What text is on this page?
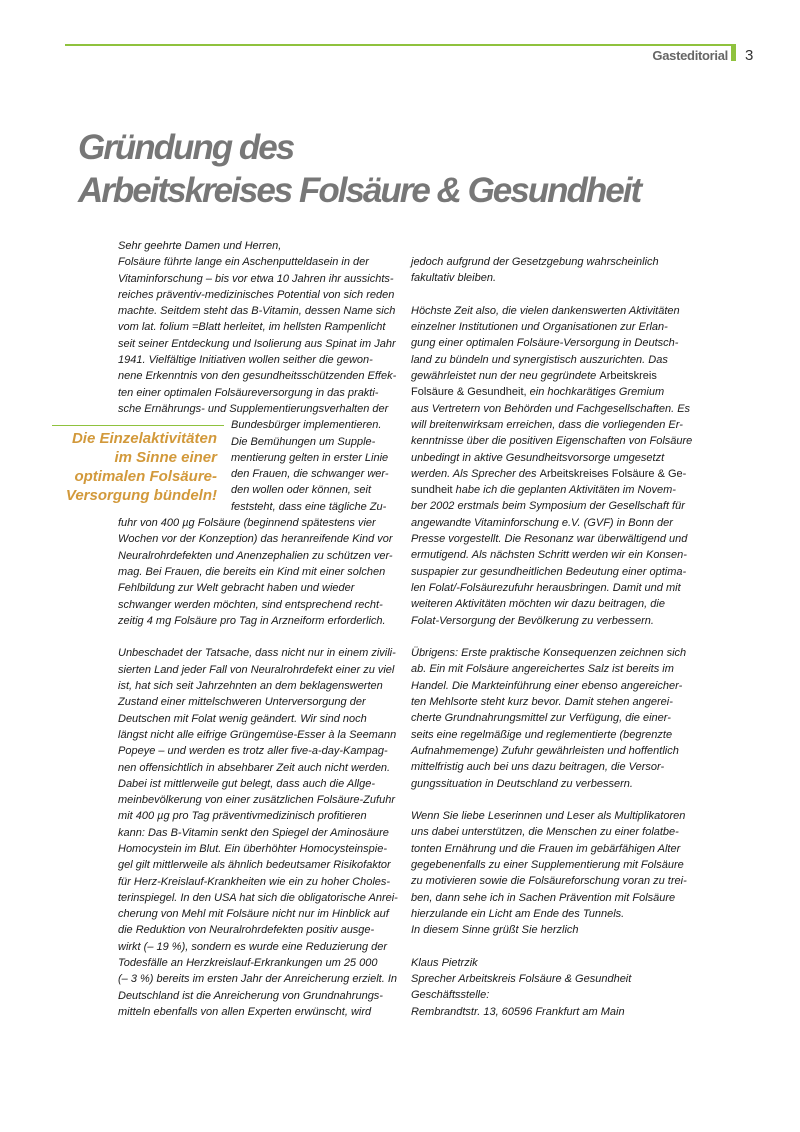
Gasteditorial 3
Gründung des
Arbeitskreises Folsäure & Gesundheit
Die Einzelaktivitäten
im Sinne einer
optimalen Folsäure-
Versorgung bündeln!
Sehr geehrte Damen und Herren,
Folsäure führte lange ein Aschenputteldasein in der
Vitaminforschung – bis vor etwa 10 Jahren ihr aussichts-
reiches präventiv-medizinisches Potential von sich reden
machte. Seitdem steht das B-Vitamin, dessen Name sich
vom lat. folium =Blatt herleitet, im hellsten Rampenlicht
seit seiner Entdeckung und Isolierung aus Spinat im Jahr
1941. Vielfältige Initiativen wollen seither die gewon-
nene Erkenntnis von den gesundheitsschützenden Effek-
ten einer optimalen Folsäureversorgung in das prakti-
sche Ernährungs- und Supplementierungsverhalten der
Bundesbürger implementieren.
Die Bemühungen um Supple-
mentierung gelten in erster Linie
den Frauen, die schwanger wer-
den wollen oder können, seit
feststeht, dass eine tägliche Zu-
fuhr von 400 µg Folsäure (beginnend spätestens vier
Wochen vor der Konzeption) das heranreifende Kind vor
Neuralrohrdefekten und Anenzephalien zu schützen ver-
mag. Bei Frauen, die bereits ein Kind mit einer solchen
Fehlbildung zur Welt gebracht haben und wieder
schwanger werden möchten, sind entsprechend recht-
zeitig 4 mg Folsäure pro Tag in Arzneiform erforderlich.
Unbeschadet der Tatsache, dass nicht nur in einem zivili-
sierten Land jeder Fall von Neuralrohrdefekt einer zu viel
ist, hat sich seit Jahrzehnten an dem beklagenswerten
Zustand einer mittelschweren Unterversorgung der
Deutschen mit Folat wenig geändert. Wir sind noch
längst nicht alle eifrige Grüngemüse-Esser à la Seemann
Popeye – und werden es trotz aller five-a-day-Kampag-
nen offensichtlich in absehbarer Zeit auch nicht werden.
Dabei ist mittlerweile gut belegt, dass auch die Allge-
meinbevölkerung von einer zusätzlichen Folsäure-Zufuhr
mit 400 µg pro Tag präventivmedizinisch profitieren
kann: Das B-Vitamin senkt den Spiegel der Aminosäure
Homocystein im Blut. Ein überhöhter Homocysteinspie-
gel gilt mittlerweile als ähnlich bedeutsamer Risikofaktor
für Herz-Kreislauf-Krankheiten wie ein zu hoher Choles-
terinspiegel. In den USA hat sich die obligatorische Anrei-
cherung von Mehl mit Folsäure nicht nur im Hinblick auf
die Reduktion von Neuralrohrdefekten positiv ausge-
wirkt (– 19 %), sondern es wurde eine Reduzierung der
Todesfälle an Herzkreislauf-Erkrankungen um 25 000
(– 3 %) bereits im ersten Jahr der Anreicherung erzielt. In
Deutschland ist die Anreicherung von Grundnahrungs-
mitteln ebenfalls von allen Experten erwünscht, wird
jedoch aufgrund der Gesetzgebung wahrscheinlich
fakultativ bleiben.
Höchste Zeit also, die vielen dankenswerten Aktivitäten
einzelner Institutionen und Organisationen zur Erlan-
gung einer optimalen Folsäure-Versorgung in Deutsch-
land zu bündeln und synergistisch auszurichten. Das
gewährleistet nun der neu gegründete Arbeitskreis
Folsäure & Gesundheit, ein hochkarätiges Gremium
aus Vertretern von Behörden und Fachgesellschaften. Es
will breitenwirksam erreichen, dass die vorliegenden Er-
kenntnisse über die positiven Eigenschaften von Folsäure
unbedingt in aktive Gesundheitsvorsorge umgesetzt
werden. Als Sprecher des Arbeitskreises Folsäure & Ge-
sundheit habe ich die geplanten Aktivitäten im Novem-
ber 2002 erstmals beim Symposium der Gesellschaft für
angewandte Vitaminforschung e.V. (GVF) in Bonn der
Presse vorgestellt. Die Resonanz war überwältigend und
ermutigend. Als nächsten Schritt werden wir ein Konsen-
suspapier zur gesundheitlichen Bedeutung einer optima-
len Folat/-Folsäurezufuhr herausbringen. Damit und mit
weiteren Aktivitäten möchten wir dazu beitragen, die
Folat-Versorgung der Bevölkerung zu verbessern.
Übrigens: Erste praktische Konsequenzen zeichnen sich
ab. Ein mit Folsäure angereichertes Salz ist bereits im
Handel. Die Markteinführung einer ebenso angereicher-
ten Mehlsorte steht kurz bevor. Damit stehen angerei-
cherte Grundnahrungsmittel zur Verfügung, die einer-
seits eine regelmäßige und reglementierte (begrenzte
Aufnahmemenge) Zufuhr gewährleisten und hoffentlich
mittelfristig auch bei uns dazu beitragen, die Versor-
gungssituation in Deutschland zu verbessern.
Wenn Sie liebe Leserinnen und Leser als Multiplikatoren
uns dabei unterstützen, die Menschen zu einer folatbe-
tonten Ernährung und die Frauen im gebärfähigen Alter
gegebenenfalls zu einer Supplementierung mit Folsäure
zu motivieren sowie die Folsäureforschung voran zu trei-
ben, dann sehe ich in Sachen Prävention mit Folsäure
hierzulande ein Licht am Ende des Tunnels.
In diesem Sinne grüßt Sie herzlich
Klaus Pietrzik
Sprecher Arbeitskreis Folsäure & Gesundheit
Geschäftsstelle:
Rembrandtstr. 13, 60596 Frankfurt am Main
